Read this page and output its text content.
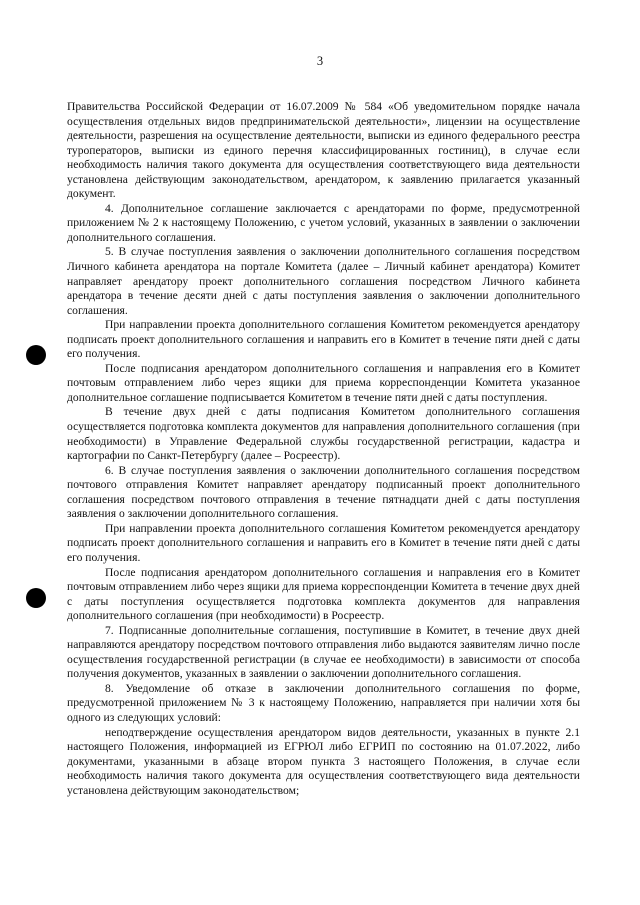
3

Правительства Российской Федерации от 16.07.2009 № 584 «Об уведомительном порядке начала осуществления отдельных видов предпринимательской деятельности», лицензии на осуществление деятельности, разрешения на осуществление деятельности, выписки из единого федерального реестра туроператоров, выписки из единого перечня классифицированных гостиниц), в случае если необходимость наличия такого документа для осуществления соответствующего вида деятельности установлена действующим законодательством, арендатором, к заявлению прилагается указанный документ.

4. Дополнительное соглашение заключается с арендаторами по форме, предусмотренной приложением № 2 к настоящему Положению, с учетом условий, указанных в заявлении о заключении дополнительного соглашения.

5. В случае поступления заявления о заключении дополнительного соглашения посредством Личного кабинета арендатора на портале Комитета (далее – Личный кабинет арендатора) Комитет направляет арендатору проект дополнительного соглашения посредством Личного кабинета арендатора в течение десяти дней с даты поступления заявления о заключении дополнительного соглашения.

При направлении проекта дополнительного соглашения Комитетом рекомендуется арендатору подписать проект дополнительного соглашения и направить его в Комитет в течение пяти дней с даты его получения.

После подписания арендатором дополнительного соглашения и направления его в Комитет почтовым отправлением либо через ящики для приема корреспонденции Комитета указанное дополнительное соглашение подписывается Комитетом в течение пяти дней с даты поступления.

В течение двух дней с даты подписания Комитетом дополнительного соглашения осуществляется подготовка комплекта документов для направления дополнительного соглашения (при необходимости) в Управление Федеральной службы государственной регистрации, кадастра и картографии по Санкт-Петербургу (далее – Росреестр).

6. В случае поступления заявления о заключении дополнительного соглашения посредством почтового отправления Комитет направляет арендатору подписанный проект дополнительного соглашения посредством почтового отправления в течение пятнадцати дней с даты поступления заявления о заключении дополнительного соглашения.

При направлении проекта дополнительного соглашения Комитетом рекомендуется арендатору подписать проект дополнительного соглашения и направить его в Комитет в течение пяти дней с даты его получения.

После подписания арендатором дополнительного соглашения и направления его в Комитет почтовым отправлением либо через ящики для приема корреспонденции Комитета в течение двух дней с даты поступления осуществляется подготовка комплекта документов для направления дополнительного соглашения (при необходимости) в Росреестр.

7. Подписанные дополнительные соглашения, поступившие в Комитет, в течение двух дней направляются арендатору посредством почтового отправления либо выдаются заявителям лично после осуществления государственной регистрации (в случае ее необходимости) в зависимости от способа получения документов, указанных в заявлении о заключении дополнительного соглашения.

8. Уведомление об отказе в заключении дополнительного соглашения по форме, предусмотренной приложением № 3 к настоящему Положению, направляется при наличии хотя бы одного из следующих условий:

неподтверждение осуществления арендатором видов деятельности, указанных в пункте 2.1 настоящего Положения, информацией из ЕГРЮЛ либо ЕГРИП по состоянию на 01.07.2022, либо документами, указанными в абзаце втором пункта 3 настоящего Положения, в случае если необходимость наличия такого документа для осуществления соответствующего вида деятельности установлена действующим законодательством;
